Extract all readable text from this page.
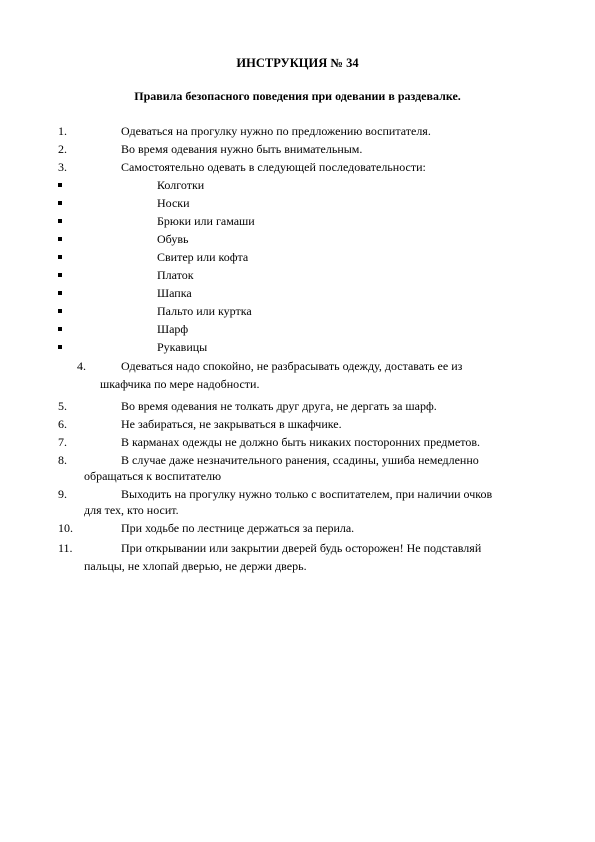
ИНСТРУКЦИЯ № 34
Правила безопасного поведения при одевании в раздевалке.
1.	Одеваться на прогулку нужно по предложению воспитателя.
2.	Во время одевания нужно быть внимательным.
3.	Самостоятельно одевать в следующей последовательности:
Колготки
Носки
Брюки или гамаши
Обувь
Свитер или кофта
Платок
Шапка
Пальто или куртка
Шарф
Рукавицы
4.	Одеваться надо спокойно, не разбрасывать одежду, доставать ее из
шкафчика по мере надобности.
5.	Во время одевания не толкать друг друга, не дергать за шарф.
6.	Не забираться, не закрываться в шкафчике.
7.	В карманах одежды не должно быть никаких посторонних предметов.
8.	В случае даже незначительного ранения, ссадины, ушиба немедленно
обращаться к воспитателю
9.	Выходить на прогулку нужно только с воспитателем, при наличии очков
для тех, кто носит.
10.	При ходьбе по лестнице держаться за перила.
11.	При открывании или закрытии дверей будь осторожен! Не подставляй
пальцы, не хлопай дверью, не держи дверь.
